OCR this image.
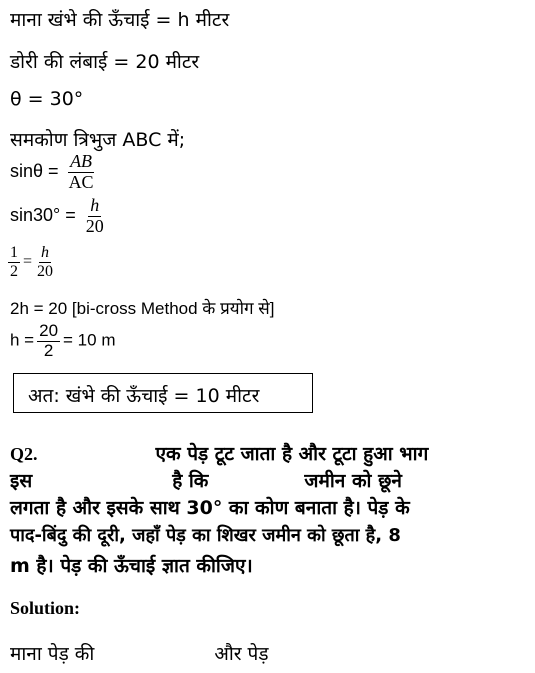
माना खंभे की ऊँचाई = h मीटर
डोरी की लंबाई = 20 मीटर
θ = 30°
समकोण त्रिभुज ABC में;
$\sin\theta = \frac{AB}{AC}$
$\sin 30^\circ = \frac{h}{20}$
$\frac{1}{2} = \frac{h}{20}$
2h = 20 [bi-cross Method के प्रयोग से]
$h = \frac{20}{2} = 10$ m
अत: खंभे की ऊँचाई = 10 मीटर
Q2.	एक पेड़ टूट जाता है और टूटा हुआ भाग
इस	है कि	जमीन को छूने
लगता है और इसके साथ 30° का कोण बनाता है। पेड़ के
पाद-बिंदु की दूरी, जहाँ पेड़ का शिखर जमीन को छूता है, 8
m है। पेड़ की ऊँचाई ज्ञात कीजिए।
Solution:
माना पेड़ की	और पेड़
